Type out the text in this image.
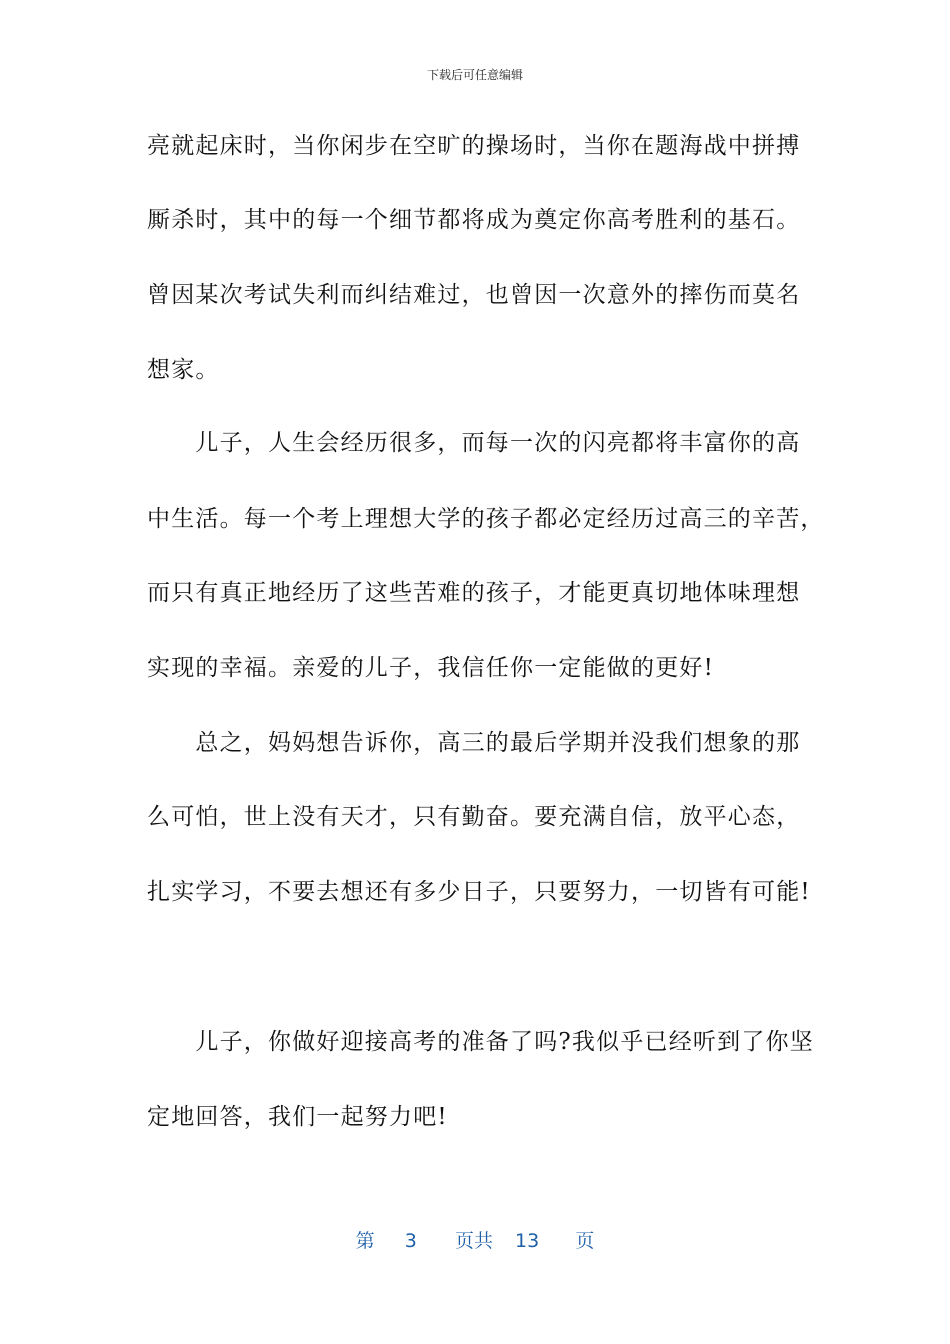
下载后可任意编辑
亮就起床时，当你闲步在空旷的操场时，当你在题海战中拼搏
厮杀时，其中的每一个细节都将成为奠定你高考胜利的基石。
曾因某次考试失利而纠结难过，也曾因一次意外的摔伤而莫名
想家。
　　儿子，人生会经历很多，而每一次的闪亮都将丰富你的高
中生活。每一个考上理想大学的孩子都必定经历过高三的辛苦，
而只有真正地经历了这些苦难的孩子，才能更真切地体味理想
实现的幸福。亲爱的儿子，我信任你一定能做的更好!
　　总之，妈妈想告诉你，高三的最后学期并没我们想象的那
么可怕，世上没有天才，只有勤奋。要充满自信，放平心态，
扎实学习，不要去想还有多少日子，只要努力，一切皆有可能!
　　儿子，你做好迎接高考的准备了吗?我似乎已经听到了你坚
定地回答，我们一起努力吧!
第 3 页共 13 页
